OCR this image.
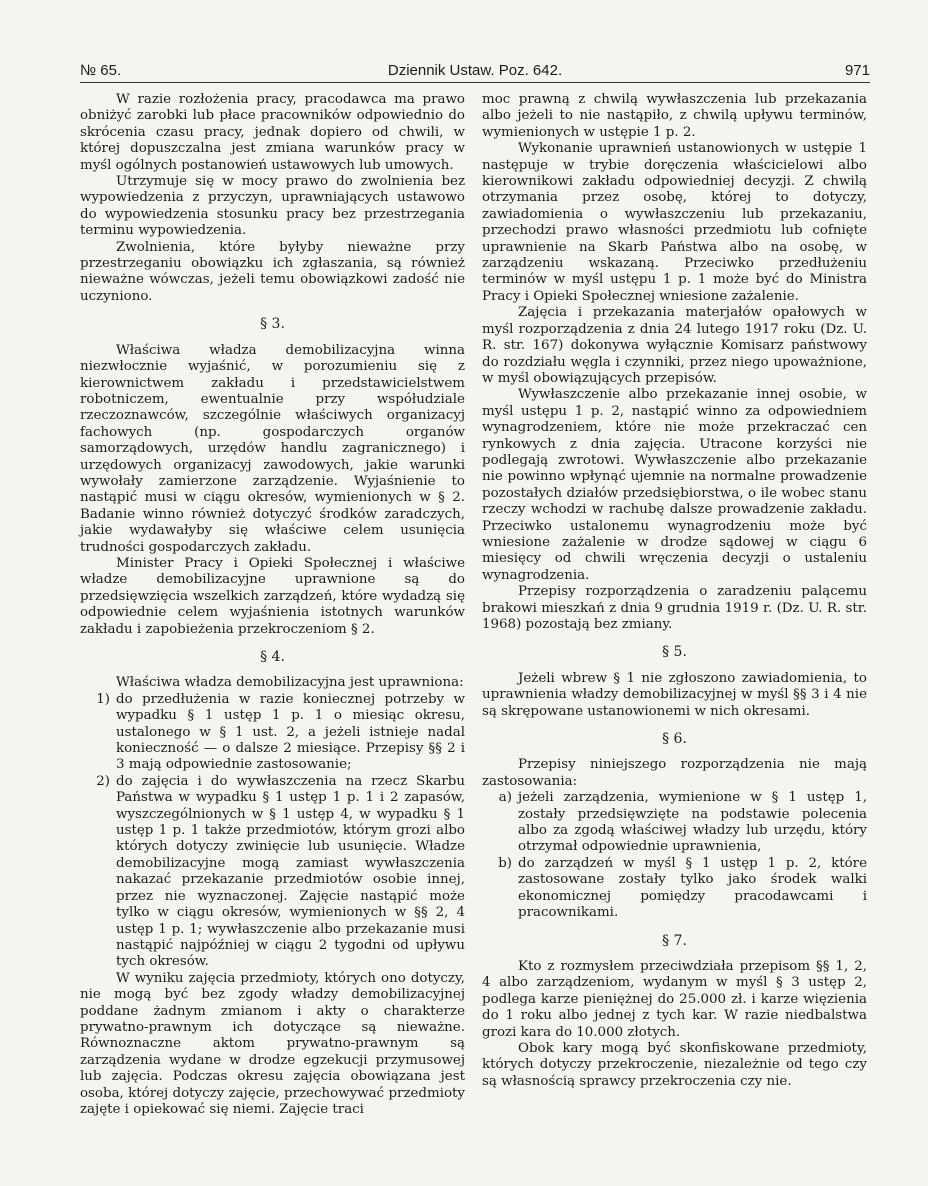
№ 65.	Dziennik Ustaw. Poz. 642.	971

W razie rozłożenia pracy, pracodawca ma prawo obniżyć zarobki lub płace pracowników odpowiednio do skrócenia czasu pracy, jednak dopiero od chwili, w której dopuszczalna jest zmiana warunków pracy w myśl ogólnych postanowień ustawowych lub umowych.

Utrzymuje się w mocy prawo do zwolnienia bez wypowiedzenia z przyczyn, uprawniających ustawowo do wypowiedzenia stosunku pracy bez przestrzegania terminu wypowiedzenia.

Zwolnienia, które byłyby nieważne przy przestrzeganiu obowiązku ich zgłaszania, są również nieważne wówczas, jeżeli temu obowiązkowi zadość nie uczyniono.

§ 3.

Właściwa władza demobilizacyjna winna niezwłocznie wyjaśnić, w porozumieniu się z kierownictwem zakładu i przedstawicielstwem robotniczem, ewentualnie przy współudziale rzeczoznawców, szczególnie właściwych organizacyj fachowych (np. gospodarczych organów samorządowych, urzędów handlu zagranicznego) i urzędowych organizacyj zawodowych, jakie warunki wywołały zamierzone zarządzenie. Wyjaśnienie to nastąpić musi w ciągu okresów, wymienionych w § 2. Badanie winno również dotyczyć środków zaradczych, jakie wydawałyby się właściwe celem usunięcia trudności gospodarczych zakładu.

Minister Pracy i Opieki Społecznej i właściwe władze demobilizacyjne uprawnione są do przedsięwzięcia wszelkich zarządzeń, które wydadzą się odpowiednie celem wyjaśnienia istotnych warunków zakładu i zapobieżenia przekroczeniom § 2.

§ 4.

Właściwa władza demobilizacyjna jest uprawniona:

1) do przedłużenia w razie koniecznej potrzeby w wypadku § 1 ustęp 1 p. 1 o miesiąc okresu, ustalonego w § 1 ust. 2, a jeżeli istnieje nadal konieczność — o dalsze 2 miesiące. Przepisy §§ 2 i 3 mają odpowiednie zastosowanie;
2) do zajęcia i do wywłaszczenia na rzecz Skarbu Państwa w wypadku § 1 ustęp 1 p. 1 i 2 zapasów, wyszczególnionych w § 1 ustęp 4, w wypadku § 1 ustęp 1 p. 1 także przedmiotów, którym grozi albo których dotyczy zwinięcie lub usunięcie. Władze demobilizacyjne mogą zamiast wywłaszczenia nakazać przekazanie przedmiotów osobie innej, przez nie wyznaczonej. Zajęcie nastąpić może tylko w ciągu okresów, wymienionych w §§ 2, 4 ustęp 1 p. 1; wywłaszczenie albo przekazanie musi nastąpić najpóźniej w ciągu 2 tygodni od upływu tych okresów.

W wyniku zajęcia przedmioty, których ono dotyczy, nie mogą być bez zgody władzy demobilizacyjnej poddane żadnym zmianom i akty o charakterze prywatno-prawnym ich dotyczące są nieważne. Równoznaczne aktom prywatno-prawnym są zarządzenia wydane w drodze egzekucji przymusowej lub zajęcia. Podczas okresu zajęcia obowiązana jest osoba, której dotyczy zajęcie, przechowywać przedmioty zajęte i opiekować się niemi. Zajęcie traci

moc prawną z chwilą wywłaszczenia lub przekazania albo jeżeli to nie nastąpiło, z chwilą upływu terminów, wymienionych w ustępie 1 p. 2.

Wykonanie uprawnień ustanowionych w ustępie 1 następuje w trybie doręczenia właścicielowi albo kierownikowi zakładu odpowiedniej decyzji. Z chwilą otrzymania przez osobę, której to dotyczy, zawiadomienia o wywłaszczeniu lub przekazaniu, przechodzi prawo własności przedmiotu lub cofnięte uprawnienie na Skarb Państwa albo na osobę, w zarządzeniu wskazaną. Przeciwko przedłużeniu terminów w myśl ustępu 1 p. 1 może być do Ministra Pracy i Opieki Społecznej wniesione zażalenie.

Zajęcia i przekazania materjałów opałowych w myśl rozporządzenia z dnia 24 lutego 1917 roku (Dz. U. R. str. 167) dokonywa wyłącznie Komisarz państwowy do rozdziału węgla i czynniki, przez niego upoważnione, w myśl obowiązujących przepisów.

Wywłaszczenie albo przekazanie innej osobie, w myśl ustępu 1 p. 2, nastąpić winno za odpowiedniem wynagrodzeniem, które nie może przekraczać cen rynkowych z dnia zajęcia. Utracone korzyści nie podlegają zwrotowi. Wywłaszczenie albo przekazanie nie powinno wpłynąć ujemnie na normalne prowadzenie pozostałych działów przedsiębiorstwa, o ile wobec stanu rzeczy wchodzi w rachubę dalsze prowadzenie zakładu. Przeciwko ustalonemu wynagrodzeniu może być wniesione zażalenie w drodze sądowej w ciągu 6 miesięcy od chwili wręczenia decyzji o ustaleniu wynagrodzenia.

Przepisy rozporządzenia o zaradzeniu palącemu brakowi mieszkań z dnia 9 grudnia 1919 r. (Dz. U. R. str. 1968) pozostają bez zmiany.

§ 5.

Jeżeli wbrew § 1 nie zgłoszono zawiadomienia, to uprawnienia władzy demobilizacyjnej w myśl §§ 3 i 4 nie są skrępowane ustanowionemi w nich okresami.

§ 6.

Przepisy niniejszego rozporządzenia nie mają zastosowania:

a) jeżeli zarządzenia, wymienione w § 1 ustęp 1, zostały przedsięwzięte na podstawie polecenia albo za zgodą właściwej władzy lub urzędu, który otrzymał odpowiednie uprawnienia,
b) do zarządzeń w myśl § 1 ustęp 1 p. 2, które zastosowane zostały tylko jako środek walki ekonomicznej pomiędzy pracodawcami i pracownikami.
§ 7.

Kto z rozmysłem przeciwdziała przepisom §§ 1, 2, 4 albo zarządzeniom, wydanym w myśl § 3 ustęp 2, podlega karze pieniężnej do 25.000 zł. i karze więzienia do 1 roku albo jednej z tych kar. W razie niedbalstwa grozi kara do 10.000 złotych.

Obok kary mogą być skonfiskowane przedmioty, których dotyczy przekroczenie, niezależnie od tego czy są własnością sprawcy przekroczenia czy nie.
